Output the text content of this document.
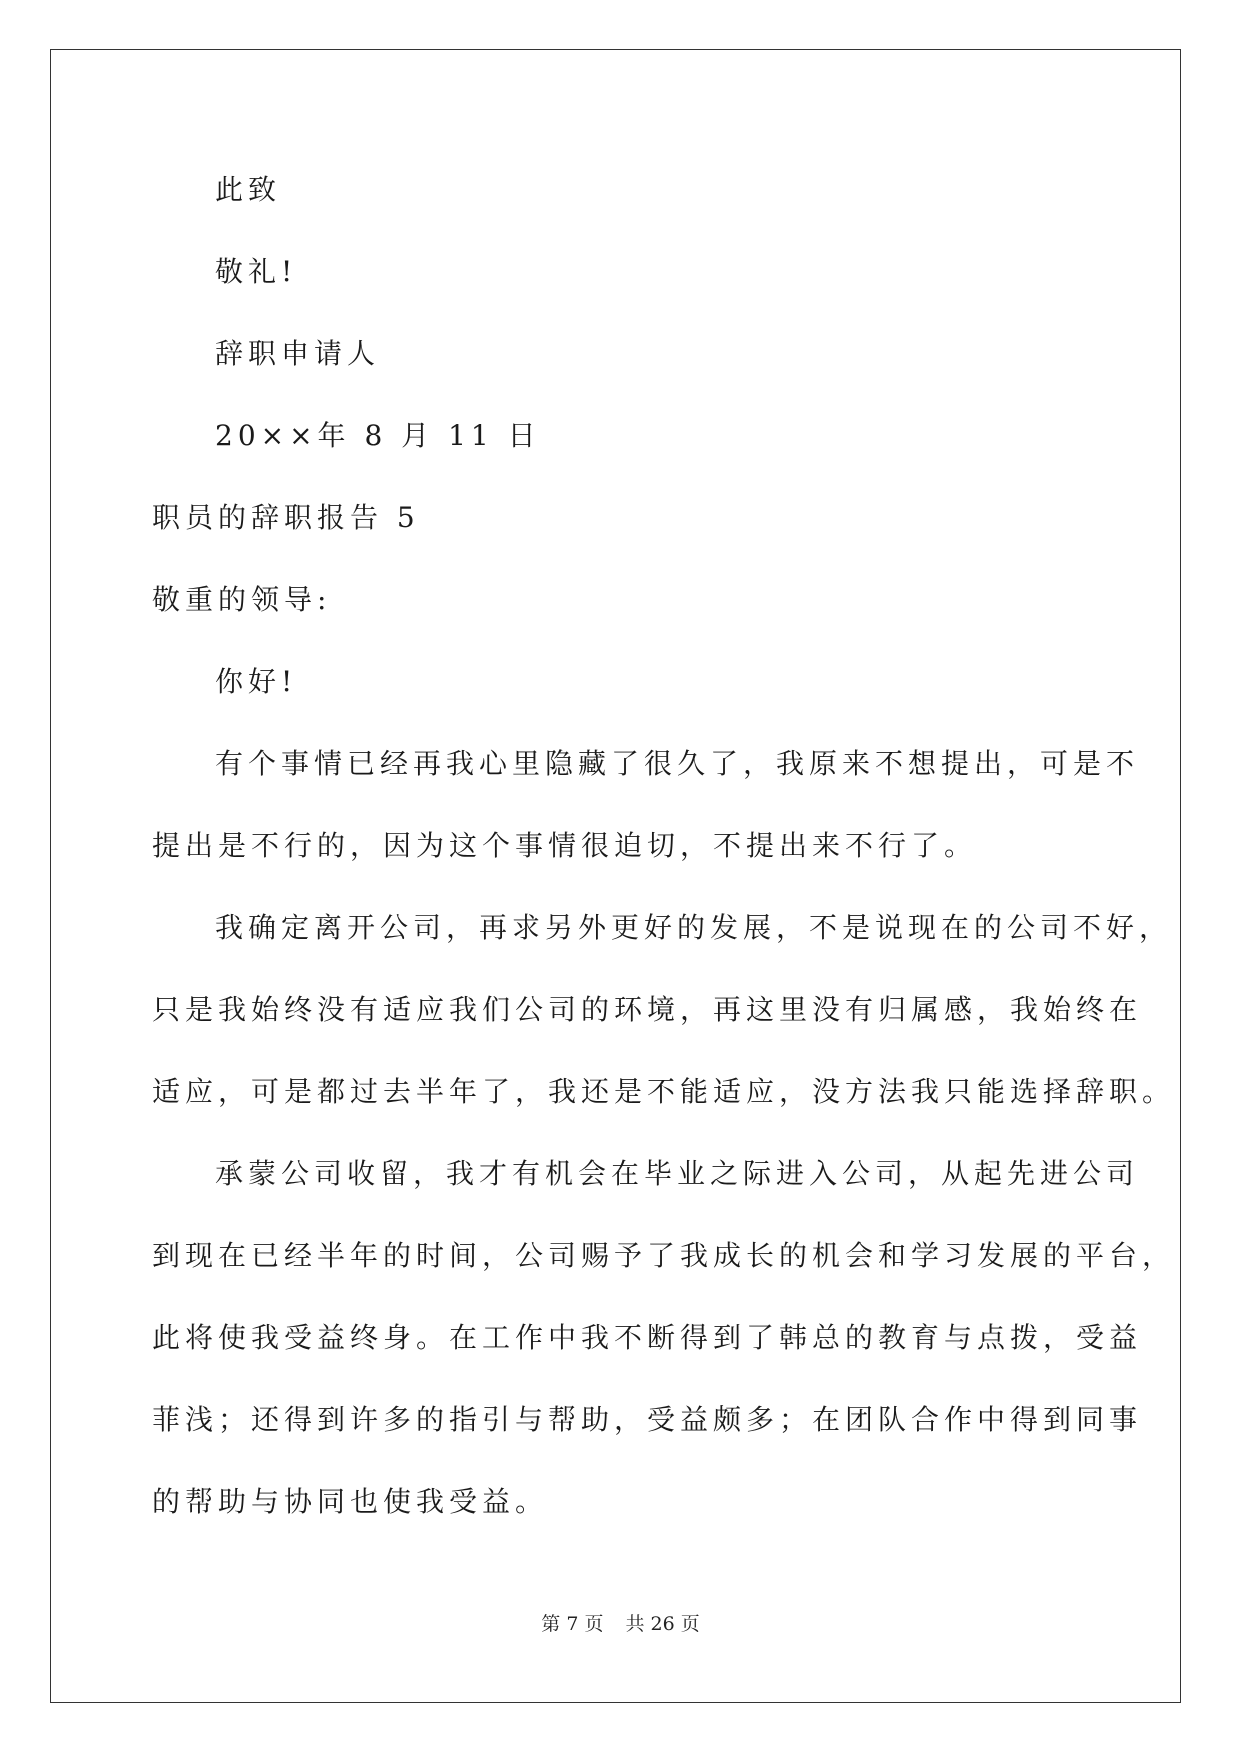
此致
敬礼!
辞职申请人
20××年 8 月 11 日
职员的辞职报告 5
敬重的领导:
你好!
有个事情已经再我心里隐藏了很久了，我原来不想提出，可是不
提出是不行的，因为这个事情很迫切，不提出来不行了。
我确定离开公司，再求另外更好的发展，不是说现在的公司不好，
只是我始终没有适应我们公司的环境，再这里没有归属感，我始终在
适应，可是都过去半年了，我还是不能适应，没方法我只能选择辞职。
承蒙公司收留，我才有机会在毕业之际进入公司，从起先进公司
到现在已经半年的时间，公司赐予了我成长的机会和学习发展的平台，
此将使我受益终身。在工作中我不断得到了韩总的教育与点拨，受益
菲浅；还得到许多的指引与帮助，受益颇多；在团队合作中得到同事
的帮助与协同也使我受益。
第 7 页 共 26 页
